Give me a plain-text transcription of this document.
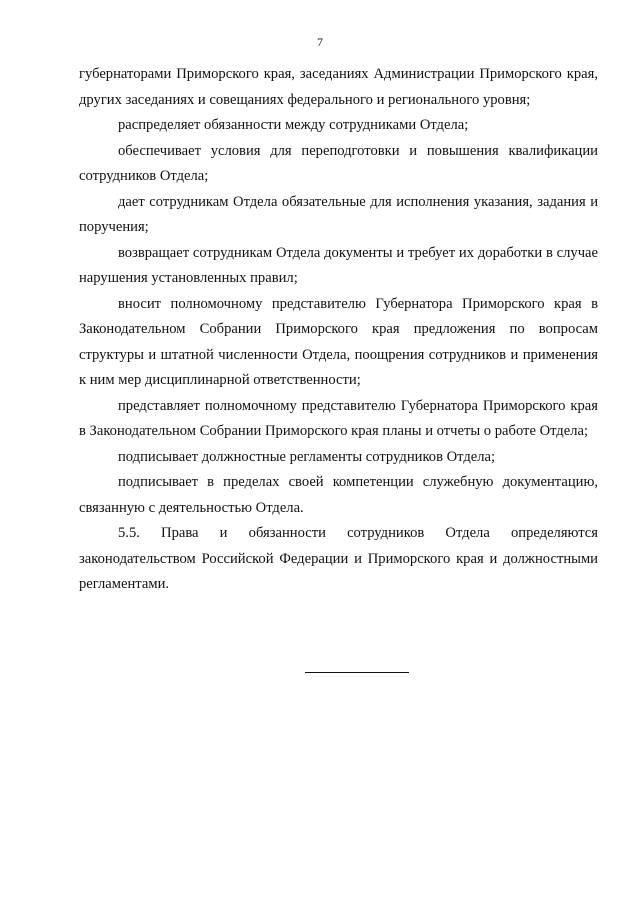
7

губернаторами Приморского края, заседаниях Администрации Приморского края, других заседаниях и совещаниях федерального и регионального уровня;

распределяет обязанности между сотрудниками Отдела;

обеспечивает условия для переподготовки и повышения квалификации сотрудников Отдела;

дает сотрудникам Отдела обязательные для исполнения указания, задания и поручения;

возвращает сотрудникам Отдела документы и требует их доработки в случае нарушения установленных правил;

вносит полномочному представителю Губернатора Приморского края в Законодательном Собрании Приморского края предложения по вопросам структуры и штатной численности Отдела, поощрения сотрудников и применения к ним мер дисциплинарной ответственности;

представляет полномочному представителю Губернатора Приморского края в Законодательном Собрании Приморского края планы и отчеты о работе Отдела;

подписывает должностные регламенты сотрудников Отдела;

подписывает в пределах своей компетенции служебную документацию, связанную с деятельностью Отдела.

5.5. Права и обязанности сотрудников Отдела определяются законодательством Российской Федерации и Приморского края и должностными регламентами.
